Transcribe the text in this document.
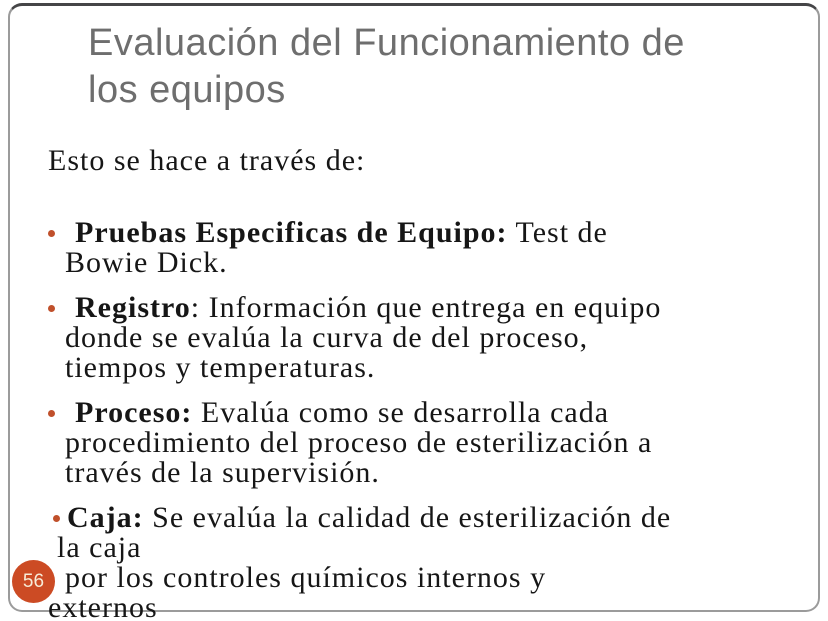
Evaluación del Funcionamiento de
los equipos

Esto se hace a través de:

Pruebas Especificas de Equipo: Test de
Bowie Dick.
Registro: Información que entrega en equipo
donde se evalúa la curva de del proceso,
tiempos y temperaturas.
Proceso: Evalúa como se desarrolla cada
procedimiento del proceso de esterilización a
través de la supervisión.
Caja: Se evalúa la calidad de esterilización de
la caja

por los controles químicos internos y
externos

56
